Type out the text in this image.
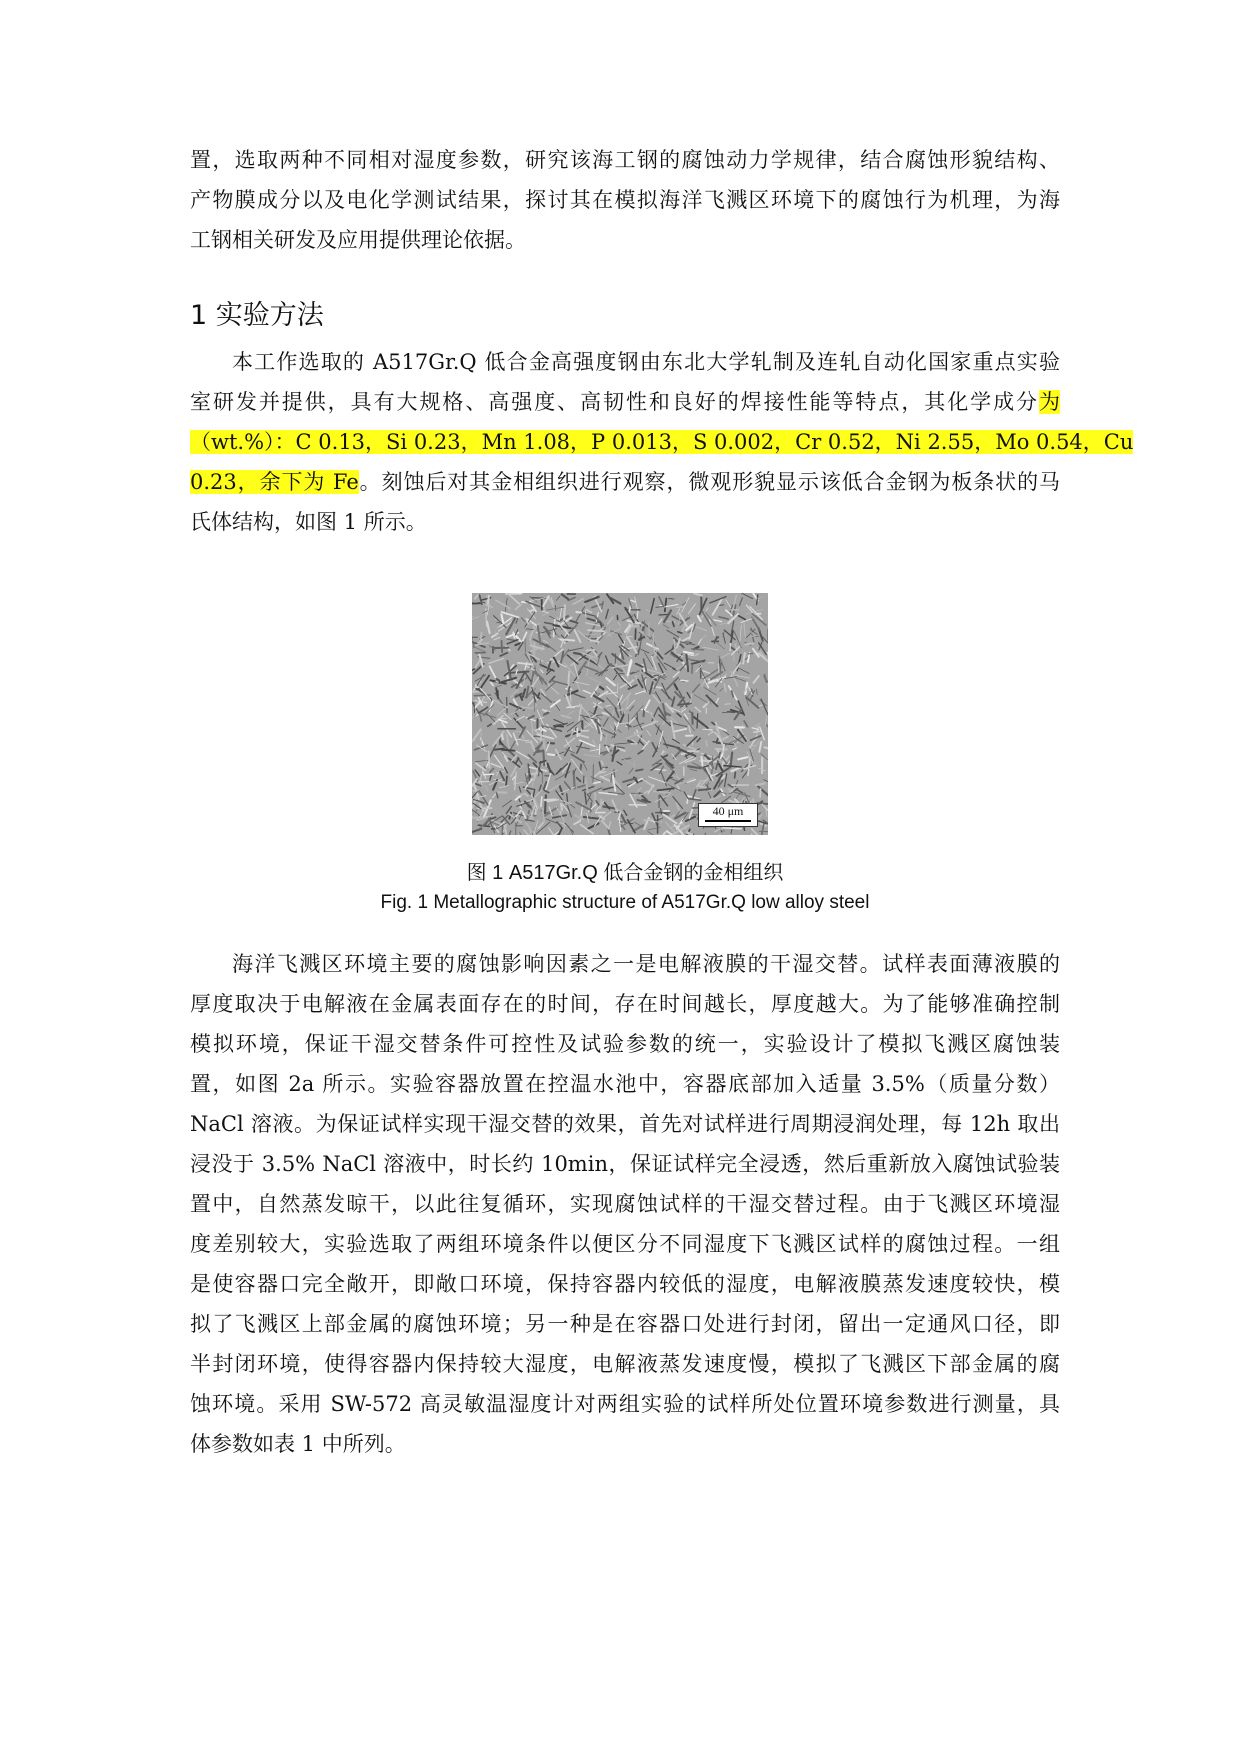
置，选取两种不同相对湿度参数，研究该海工钢的腐蚀动力学规律，结合腐蚀形貌结构、
产物膜成分以及电化学测试结果，探讨其在模拟海洋飞溅区环境下的腐蚀行为机理，为海
工钢相关研发及应用提供理论依据。
1 实验方法
本工作选取的 A517Gr.Q 低合金高强度钢由东北大学轧制及连轧自动化国家重点实验
室研发并提供，具有大规格、高强度、高韧性和良好的焊接性能等特点，其化学成分为
（wt.%）：C 0.13，Si 0.23，Mn 1.08，P 0.013，S 0.002，Cr 0.52，Ni 2.55，Mo 0.54，Cu
0.23，余下为 Fe。刻蚀后对其金相组织进行观察，微观形貌显示该低合金钢为板条状的马
氏体结构，如图 1 所示。
40 μm

图 1 A517Gr.Q 低合金钢的金相组织

Fig. 1 Metallographic structure of A517Gr.Q low alloy steel

海洋飞溅区环境主要的腐蚀影响因素之一是电解液膜的干湿交替。试样表面薄液膜的
厚度取决于电解液在金属表面存在的时间，存在时间越长，厚度越大。为了能够准确控制
模拟环境，保证干湿交替条件可控性及试验参数的统一，实验设计了模拟飞溅区腐蚀装
置，如图 2a 所示。实验容器放置在控温水池中，容器底部加入适量 3.5%（质量分数）
NaCl 溶液。为保证试样实现干湿交替的效果，首先对试样进行周期浸润处理，每 12h 取出
浸没于 3.5% NaCl 溶液中，时长约 10min，保证试样完全浸透，然后重新放入腐蚀试验装
置中，自然蒸发晾干，以此往复循环，实现腐蚀试样的干湿交替过程。由于飞溅区环境湿
度差别较大，实验选取了两组环境条件以便区分不同湿度下飞溅区试样的腐蚀过程。一组
是使容器口完全敞开，即敞口环境，保持容器内较低的湿度，电解液膜蒸发速度较快，模
拟了飞溅区上部金属的腐蚀环境；另一种是在容器口处进行封闭，留出一定通风口径，即
半封闭环境，使得容器内保持较大湿度，电解液蒸发速度慢，模拟了飞溅区下部金属的腐
蚀环境。采用 SW-572 高灵敏温湿度计对两组实验的试样所处位置环境参数进行测量，具
体参数如表 1 中所列。
